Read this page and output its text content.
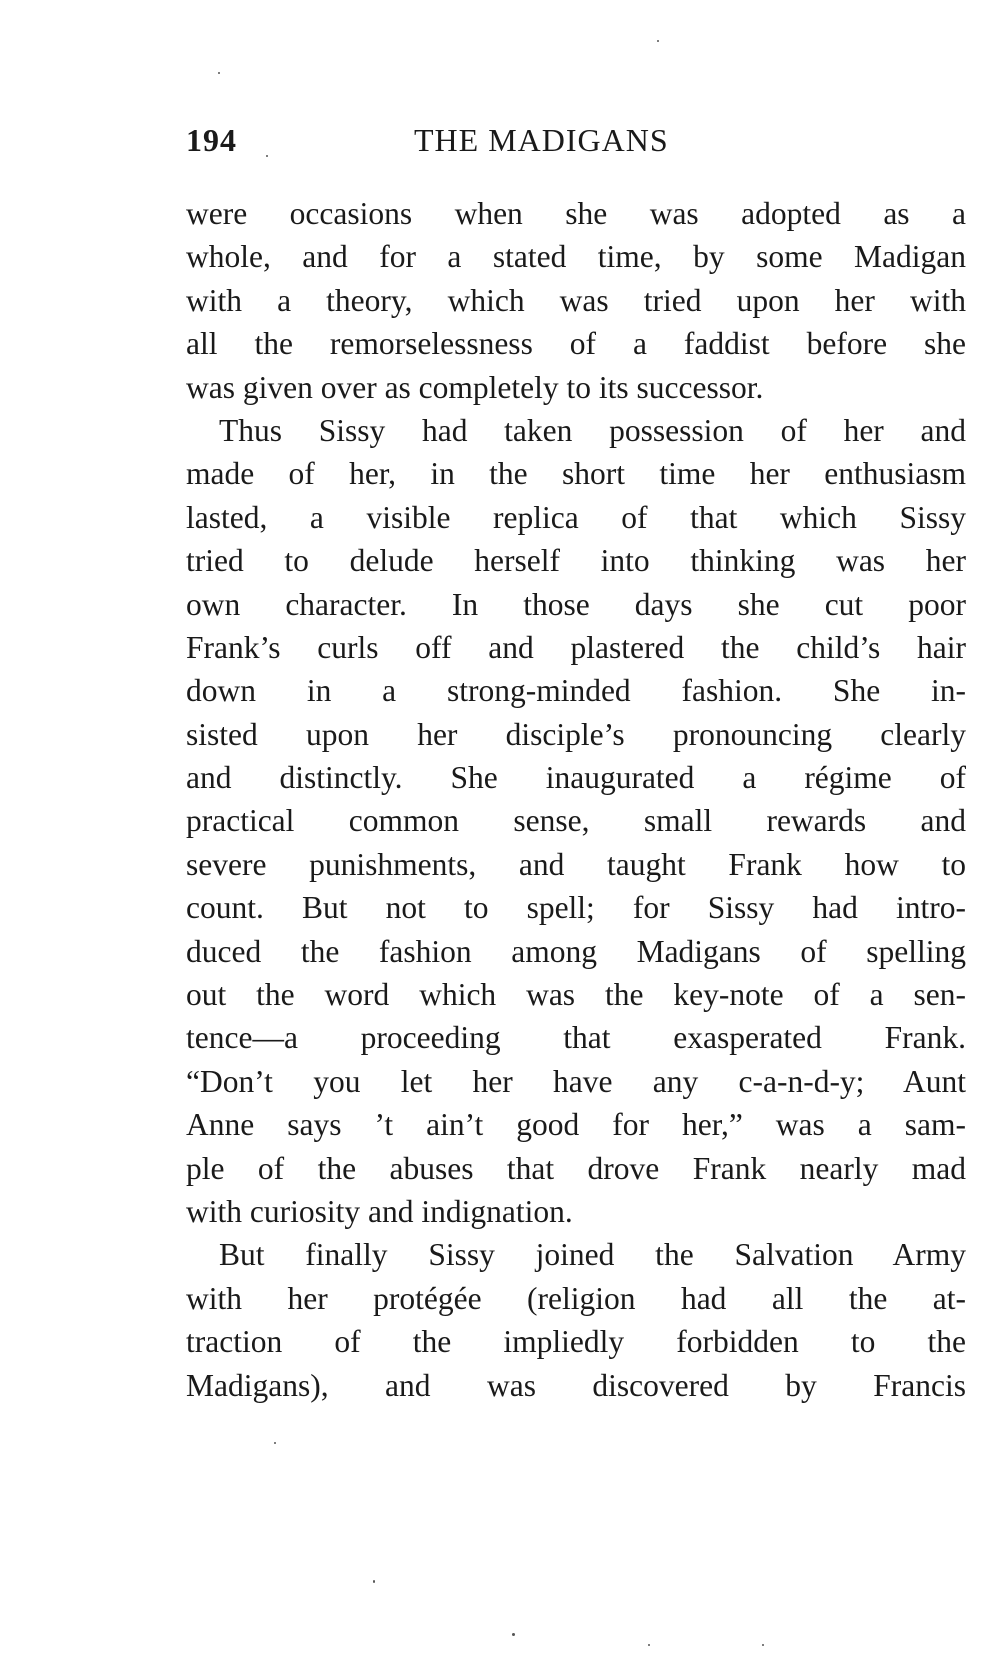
194	THE MADIGANS
were occasions when she was adopted as a
whole, and for a stated time, by some Madigan
with a theory, which was tried upon her with
all the remorselessness of a faddist before she
was given over as completely to its successor.
Thus Sissy had taken possession of her and
made of her, in the short time her enthusiasm
lasted, a visible replica of that which Sissy
tried to delude herself into thinking was her
own character. In those days she cut poor
Frank’s curls off and plastered the child’s hair
down in a strong-minded fashion. She in-
sisted upon her disciple’s pronouncing clearly
and distinctly. She inaugurated a régime of
practical common sense, small rewards and
severe punishments, and taught Frank how to
count. But not to spell; for Sissy had intro-
duced the fashion among Madigans of spelling
out the word which was the key-note of a sen-
tence—a proceeding that exasperated Frank.
“Don’t you let her have any c-a-n-d-y; Aunt
Anne says ’t ain’t good for her,” was a sam-
ple of the abuses that drove Frank nearly mad
with curiosity and indignation.
But finally Sissy joined the Salvation Army
with her protégée (religion had all the at-
traction of the impliedly forbidden to the
Madigans), and was discovered by Francis
